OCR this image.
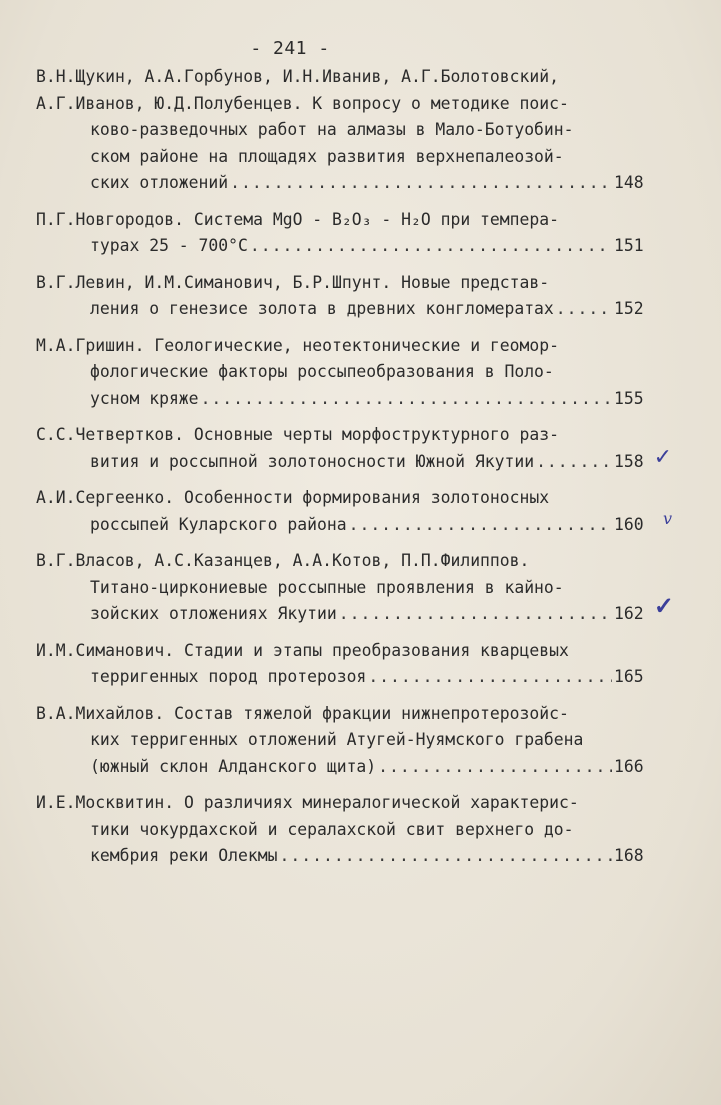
- 241 -
В.Н.Щукин, А.А.Горбунов, И.Н.Иванив, А.Г.Болотовский,
А.Г.Иванов, Ю.Д.Полубенцев. К вопросу о методике поис-
ково-разведочных работ на алмазы в Мало-Ботуобин-
ском районе на площадях развития верхнепалеозой-
ских отложений .....	148
П.Г.Новгородов. Система MgO - B₂O₃ - H₂O при темпера-
турах 25 - 700°C .....	151
В.Г.Левин, И.М.Симанович, Б.Р.Шпунт. Новые представ-
ления о генезисе золота в древних конгломератах .....	152
М.А.Гришин. Геологические, неотектонические и геомор-
фологические факторы россыпеобразования в Поло-
усном кряже .....	155
С.С.Четвертков. Основные черты морфоструктурного раз-
вития и россыпной золотоносности Южной Якутии .....	158 ✓
А.И.Сергеенко. Особенности формирования золотоносных
россыпей Куларского района .....	160 v
В.Г.Власов, А.С.Казанцев, А.А.Котов, П.П.Филиппов.
Титано-циркониевые россыпные проявления в кайно-
зойских отложениях Якутии .....	162 ✓
И.М.Симанович. Стадии и этапы преобразования кварцевых
терригенных пород протерозоя .....	165
В.А.Михайлов. Состав тяжелой фракции нижнепротерозойс-
ких терригенных отложений Атугей-Нуямского грабена
(южный склон Алданского щита) .....	166
И.Е.Москвитин. О различиях минералогической характерис-
тики чокурдахской и сералахской свит верхнего до-
кембрия реки Олекмы .....	168
